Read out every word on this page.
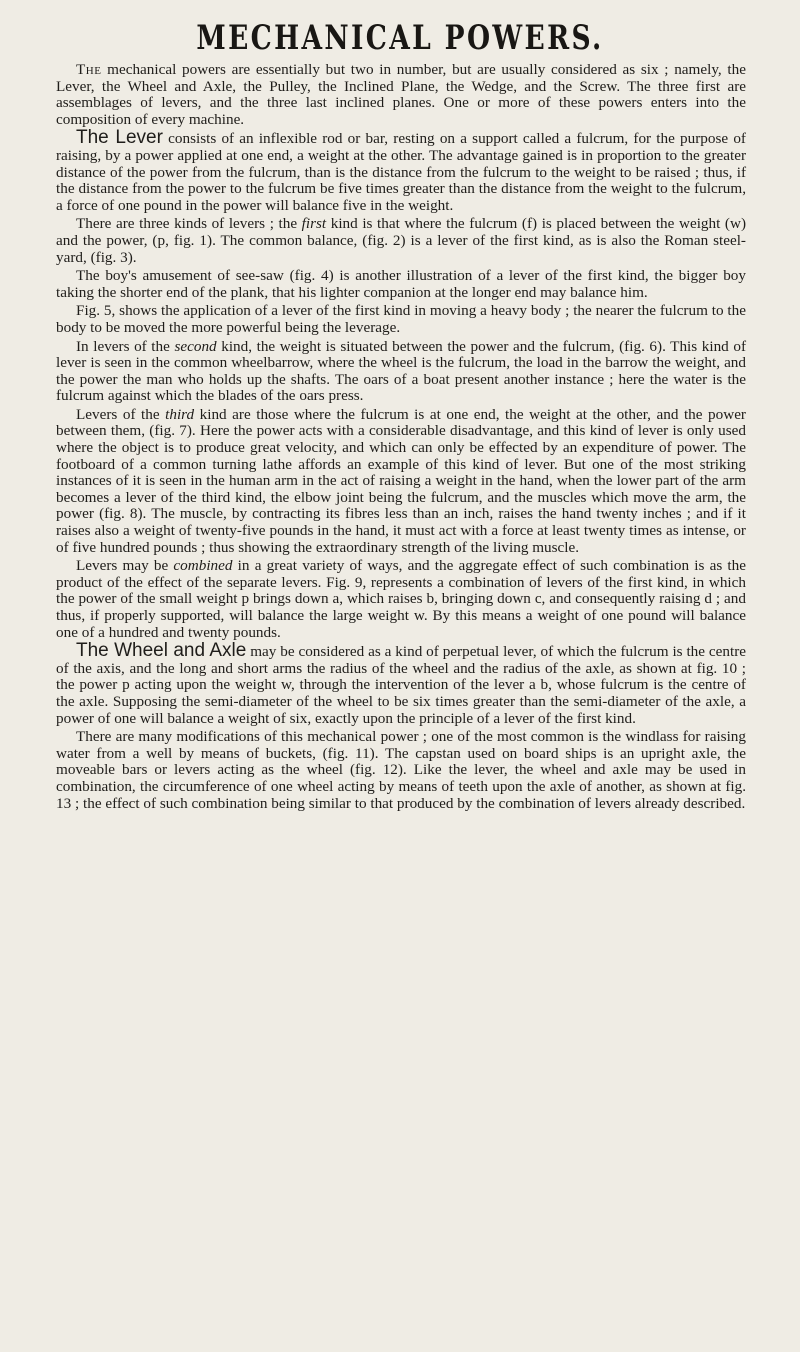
MECHANICAL POWERS.

The mechanical powers are essentially but two in number, but are usually considered as six ; namely, the Lever, the Wheel and Axle, the Pulley, the Inclined Plane, the Wedge, and the Screw. The three first are assemblages of levers, and the three last inclined planes. One or more of these powers enters into the composition of every machine.

The Lever consists of an inflexible rod or bar, resting on a support called a fulcrum, for the purpose of raising, by a power applied at one end, a weight at the other. The advantage gained is in proportion to the greater distance of the power from the fulcrum, than is the distance from the fulcrum to the weight to be raised ; thus, if the distance from the power to the fulcrum be five times greater than the distance from the weight to the fulcrum, a force of one pound in the power will balance five in the weight.

There are three kinds of levers ; the first kind is that where the fulcrum (f) is placed between the weight (w) and the power, (p, fig. 1). The common balance, (fig. 2) is a lever of the first kind, as is also the Roman steel-yard, (fig. 3).

The boy's amusement of see-saw (fig. 4) is another illustration of a lever of the first kind, the bigger boy taking the shorter end of the plank, that his lighter companion at the longer end may balance him.

Fig. 5, shows the application of a lever of the first kind in moving a heavy body ; the nearer the fulcrum to the body to be moved the more powerful being the leverage.

In levers of the second kind, the weight is situated between the power and the fulcrum, (fig. 6). This kind of lever is seen in the common wheelbarrow, where the wheel is the fulcrum, the load in the barrow the weight, and the power the man who holds up the shafts. The oars of a boat present another instance ; here the water is the fulcrum against which the blades of the oars press.

Levers of the third kind are those where the fulcrum is at one end, the weight at the other, and the power between them, (fig. 7). Here the power acts with a considerable disadvantage, and this kind of lever is only used where the object is to produce great velocity, and which can only be effected by an expenditure of power. The footboard of a common turning lathe affords an example of this kind of lever. But one of the most striking instances of it is seen in the human arm in the act of raising a weight in the hand, when the lower part of the arm becomes a lever of the third kind, the elbow joint being the fulcrum, and the muscles which move the arm, the power (fig. 8). The muscle, by contracting its fibres less than an inch, raises the hand twenty inches ; and if it raises also a weight of twenty-five pounds in the hand, it must act with a force at least twenty times as intense, or of five hundred pounds ; thus showing the extraordinary strength of the living muscle.

Levers may be combined in a great variety of ways, and the aggregate effect of such combination is as the product of the effect of the separate levers. Fig. 9, represents a combination of levers of the first kind, in which the power of the small weight p brings down a, which raises b, bringing down c, and consequently raising d ; and thus, if properly supported, will balance the large weight w. By this means a weight of one pound will balance one of a hundred and twenty pounds.

The Wheel and Axle may be considered as a kind of perpetual lever, of which the fulcrum is the centre of the axis, and the long and short arms the radius of the wheel and the radius of the axle, as shown at fig. 10 ; the power p acting upon the weight w, through the intervention of the lever a b, whose fulcrum is the centre of the axle. Supposing the semi-diameter of the wheel to be six times greater than the semi-diameter of the axle, a power of one will balance a weight of six, exactly upon the principle of a lever of the first kind.

There are many modifications of this mechanical power ; one of the most common is the windlass for raising water from a well by means of buckets, (fig. 11). The capstan used on board ships is an upright axle, the moveable bars or levers acting as the wheel (fig. 12). Like the lever, the wheel and axle may be used in combination, the circumference of one wheel acting by means of teeth upon the axle of another, as shown at fig. 13 ; the effect of such combination being similar to that produced by the combination of levers already described.
